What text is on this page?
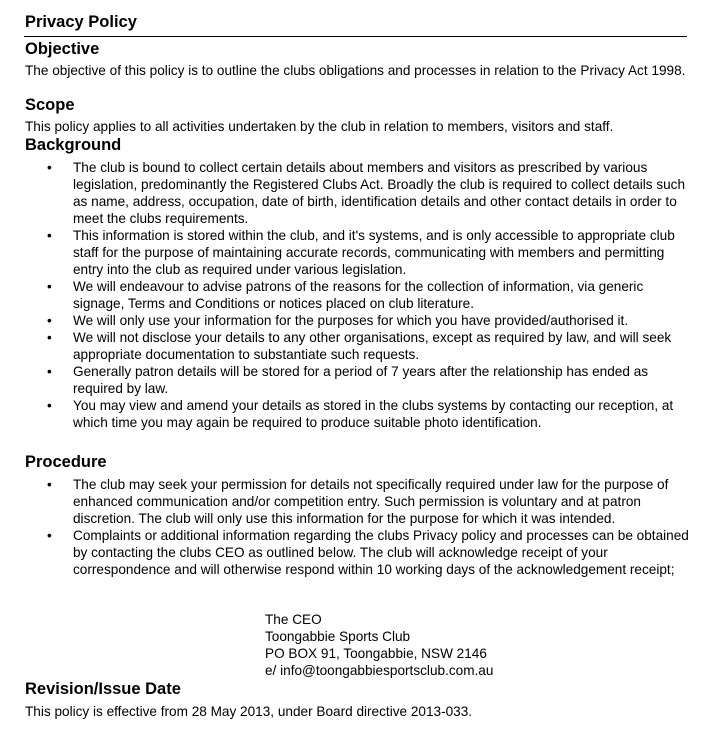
Privacy Policy
Objective
The objective of this policy is to outline the clubs obligations and processes in relation to the Privacy Act 1998.
Scope
This policy applies to all activities undertaken by the club in relation to members, visitors and staff.
Background
• The club is bound to collect certain details about members and visitors as prescribed by various legislation, predominantly the Registered Clubs Act. Broadly the club is required to collect details such as name, address, occupation, date of birth, identification details and other contact details in order to meet the clubs requirements.
• This information is stored within the club, and it's systems, and is only accessible to appropriate club staff for the purpose of maintaining accurate records, communicating with members and permitting entry into the club as required under various legislation.
• We will endeavour to advise patrons of the reasons for the collection of information, via generic signage, Terms and Conditions or notices placed on club literature.
• We will only use your information for the purposes for which you have provided/authorised it.
• We will not disclose your details to any other organisations, except as required by law, and will seek appropriate documentation to substantiate such requests.
• Generally patron details will be stored for a period of 7 years after the relationship has ended as required by law.
• You may view and amend your details as stored in the clubs systems by contacting our reception, at which time you may again be required to produce suitable photo identification.
Procedure
• The club may seek your permission for details not specifically required under law for the purpose of enhanced communication and/or competition entry. Such permission is voluntary and at patron discretion. The club will only use this information for the purpose for which it was intended.
• Complaints or additional information regarding the clubs Privacy policy and processes can be obtained by contacting the clubs CEO as outlined below. The club will acknowledge receipt of your correspondence and will otherwise respond within 10 working days of the acknowledgement receipt;
The CEO
Toongabbie Sports Club
PO BOX 91, Toongabbie, NSW 2146
e/ info@toongabbiesportsclub.com.au
Revision/Issue Date
This policy is effective from 28 May 2013, under Board directive 2013-033.
